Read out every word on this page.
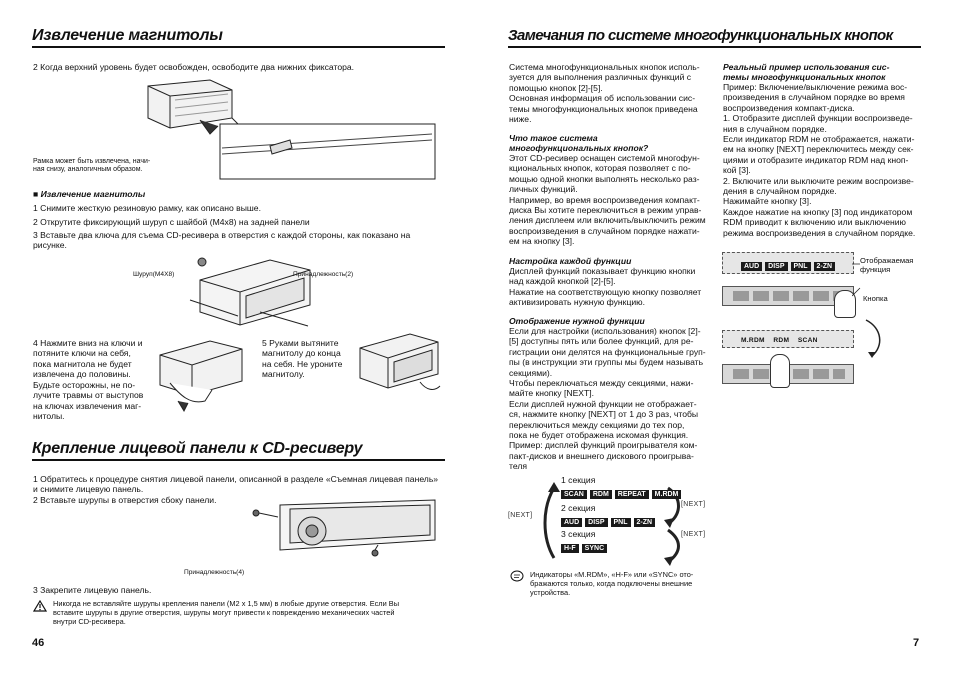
Извлечение магнитолы

2 Когда верхний уровень будет освобожден, освободите два нижних фиксатора.

Рамка может быть извлечена, начи-
ная снизу, аналогичным образом.
■ Извлечение магнитолы

1 Снимите жесткую резиновую рамку, как описано выше.

2 Открутите фиксирующий шуруп с шайбой (M4x8) на задней панели

3 Вставьте два ключа для съема CD-ресивера в отверстия с каждой стороны, как показано на
рисунке.
Шуруп(M4X8)	Принадлежность(2)
4 Нажмите вниз на ключи и
потяните ключи на себя,
пока магнитола не будет
извлечена до половины.
Будьте осторожны, не по-
лучите травмы от выступов
на ключах извлечения маг-
нитолы.
5 Руками вытяните
магнитолу до конца
на себя. Не уроните
магнитолу.
Крепление лицевой панели к CD-ресиверу
1 Обратитесь к процедуре снятия лицевой панели, описанной в разделе «Съемная лицевая панель»
и снимите лицевую панель.

2 Вставьте шурупы в отверстия сбоку панели.

Принадлежность(4)

3 Закрепите лицевую панель.

Никогда не вставляйте шурупы крепления панели (M2 x 1,5 мм) в любые другие отверстия. Если Вы
вставите шурупы в другие отверстия, шурупы могут привести к повреждению механических частей
внутри CD-ресивера.
46
Замечания по системе многофункциональных кнопок
Система многофункциональных кнопок исполь-
зуется для выполнения различных функций с
помощью кнопок [2]-[5].
Основная информация об использовании сис-
темы многофункциональных кнопок приведена
ниже.
Что такое система
многофункциональных кнопок?
Этот CD-ресивер оснащен системой многофун-
кциональных кнопок, которая позволяет с по-
мощью одной кнопки выполнять несколько раз-
личных функций.
Например, во время воспроизведения компакт-
диска Вы хотите переключиться в режим управ-
ления дисплеем или включить/выключить режим
воспроизведения в случайном порядке нажати-
ем на кнопку [3].
Настройка каждой функции
Дисплей функций показывает функцию кнопки
над каждой кнопкой [2]-[5].
Нажатие на соответствующую кнопку позволяет
активизировать нужную функцию.
Отображение нужной функции
Если для настройки (использования) кнопок [2]-
[5] доступны пять или более функций, для ре-
гистрации они делятся на функциональные груп-
пы (в инструкции эти группы мы будем называть
секциями).
Чтобы переключаться между секциями, нажи-
майте кнопку [NEXT].
Если дисплей нужной функции не отображает-
ся, нажмите кнопку [NEXT] от 1 до 3 раз, чтобы
переключиться между секциями до тех пор,
пока не будет отображена искомая функция.
Пример: дисплей функций проигрывателя ком-
пакт-дисков и внешнего дискового проигрыва-
теля
Реальный пример использования сис-
темы многофункциональных кнопок
Пример: Включение/выключение режима вос-
произведения в случайном порядке во время
воспроизведения компакт-диска.
1. Отобразите дисплей функции воспроизведе-
ния в случайном порядке.
Если индикатор RDM не отображается, нажати-
ем на кнопку [NEXT] переключитесь между сек-
циями и отобразите индикатор RDM над кноп-
кой [3].
2. Включите или выключите режим воспроизве-
дения в случайном порядке.
Нажимайте кнопку [3].
Каждое нажатие на кнопку [3] под индикатором
RDM приводит к включению или выключению
режима воспроизведения в случайном порядке.
AUD DISP PNL 2-ZN
Отображаемая
функция
Кнопка
M.RDM RDM SCAN
[NEXT]
[NEXT]
[NEXT]
1 секция
SCAN RDM REPEAT M.RDM
2 секция
AUD DISP PNL 2-ZN
3 секция
H-F SYNC
Индикаторы «M.RDM», «H-F» или «SYNC» ото-
бражаются только, когда подключены внешние
устройства.
7
